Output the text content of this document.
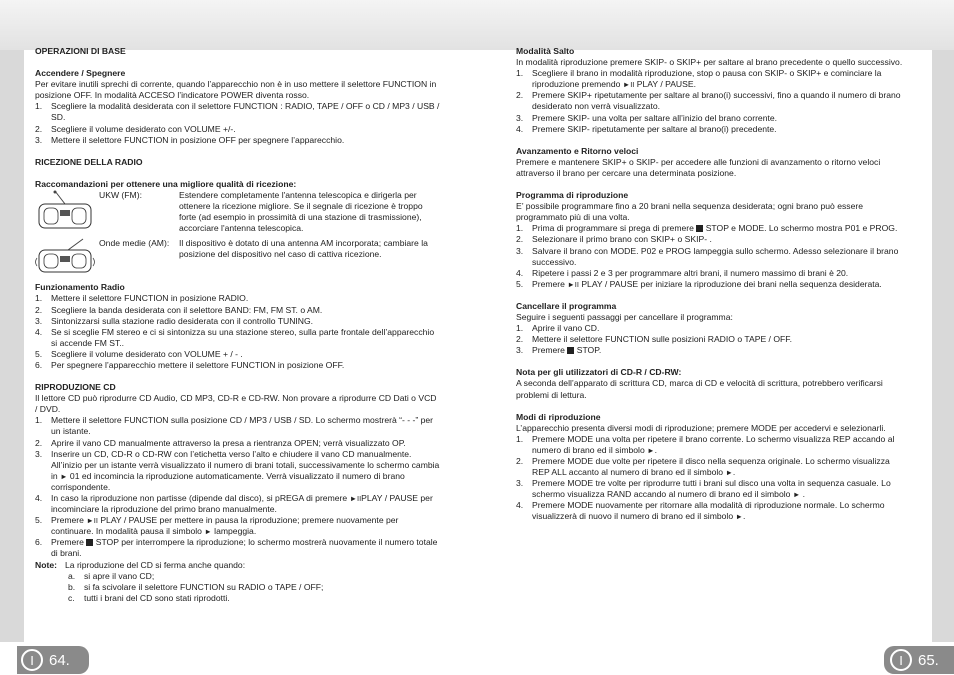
I	64.	I	65.
OPERAZIONI DI BASE
Accendere / Spegnere
Per evitare inutili sprechi di corrente, quando l’apparecchio non è in uso mettere il selettore FUNCTION in posizione OFF. In modalità ACCESO l’indicatore POWER diventa rosso.
1.	Scegliere la modalità desiderata con il selettore FUNCTION : RADIO, TAPE / OFF o CD / MP3 / USB / SD.
2.	Scegliere il volume desiderato con VOLUME +/-.
3.	Mettere il selettore FUNCTION in posizione OFF per spegnere l’apparecchio.
RICEZIONE DELLA RADIO
Raccomandazioni per ottenere una migliore qualità di ricezione:
UKW (FM):	Estendere completamente l'antenna telescopica e dirigerla per ottenere la ricezione migliore. Se il segnale di ricezione è troppo forte (ad esempio in prossimità di una stazione di trasmissione), accorciare l'antenna telescopica.
Onde medie (AM):	Il dispositivo è dotato di una antenna AM incorporata; cambiare la posizione del dispositivo nel caso di cattiva ricezione.
Funzionamento Radio
1.	Mettere il selettore FUNCTION in posizione RADIO.
2.	Scegliere la banda desiderata con il selettore BAND: FM, FM ST. o AM.
3.	Sintonizzarsi sulla stazione radio desiderata con il controllo TUNING.
4.	Se si sceglie FM stereo e ci si sintonizza su una stazione stereo, sulla parte frontale dell’apparecchio si accende FM ST..
5.	Scegliere il volume desiderato con VOLUME + / - .
6.	Per spegnere l’apparecchio mettere il selettore FUNCTION in posizione OFF.
RIPRODUZIONE CD
Il lettore CD può riprodurre CD Audio, CD MP3, CD-R e CD-RW. Non provare a riprodurre CD Dati o VCD / DVD.
1.	Mettere il selettore FUNCTION sulla posizione CD / MP3 / USB / SD. Lo schermo mostrerà “- - -” per un istante.
2.	Aprire il vano CD manualmente attraverso la presa a rientranza OPEN; verrà visualizzato OP.
3.	Inserire un CD, CD-R o CD-RW con l’etichetta verso l’alto e chiudere il vano CD manualmente. All’inizio per un istante verrà visualizzato il numero di brani totali, successivamente lo schermo cambia in ► 01 ed incomincia la riproduzione automaticamente. Verrà visualizzato il numero di brano corrispondente.
4.	In caso la riproduzione non partisse (dipende dal disco), si pREGA di premere ►IIPLAY / PAUSE per incominciare la riproduzione del primo brano manualmente.
5.	Premere ►II PLAY / PAUSE per mettere in pausa la riproduzione; premere nuovamente per continuare. In modalità pausa il simbolo ► lampeggia.
6.	Premere STOP per interrompere la riproduzione; lo schermo mostrerà nuovamente il numero totale di brani.
Note: La riproduzione del CD si ferma anche quando:
a.	si apre il vano CD;
b.	si fa scivolare il selettore FUNCTION su RADIO o TAPE / OFF;
c.	tutti i brani del CD sono stati riprodotti.
Modalità Salto
In modalità riproduzione premere SKIP- o SKIP+ per saltare al brano precedente o quello successivo.
1.	Scegliere il brano in modalità riproduzione, stop o pausa con SKIP- o SKIP+ e cominciare la riproduzione premendo ►II PLAY / PAUSE.
2.	Premere SKIP+ ripetutamente per saltare al brano(i) successivi, fino a quando il numero di brano desiderato non verrà visualizzato.
3.	Premere SKIP- una volta per saltare all’inizio del brano corrente.
4.	Premere SKIP- ripetutamente per saltare al brano(i) precedente.
Avanzamento e Ritorno veloci
Premere e mantenere SKIP+ o SKIP- per accedere alle funzioni di avanzamento o ritorno veloci attraverso il brano per cercare una determinata posizione.
Programma di riproduzione
E’ possibile programmare fino a 20 brani nella sequenza desiderata; ogni brano può essere programmato più di una volta.
1.	Prima di programmare si prega di premere STOP e MODE. Lo schermo mostra P01 e PROG.
2.	Selezionare il primo brano con SKIP+ o SKIP- .
3.	Salvare il brano con MODE. P02 e PROG lampeggia sullo schermo. Adesso selezionare il brano successivo.
4.	Ripetere i passi 2 e 3 per programmare altri brani, il numero massimo di brani è 20.
5.	Premere ►II PLAY / PAUSE per iniziare la riproduzione dei brani nella sequenza desiderata.
Cancellare il programma
Seguire i seguenti passaggi per cancellare il programma:
1.	Aprire il vano CD.
2.	Mettere il selettore FUNCTION sulle posizioni RADIO o TAPE / OFF.
3.	Premere STOP.
Nota per gli utilizzatori di CD-R / CD-RW:
A seconda dell’apparato di scrittura CD, marca di CD e velocità di scrittura, potrebbero verificarsi problemi di lettura.
Modi di riproduzione
L’apparecchio presenta diversi modi di riproduzione; premere MODE per accedervi e selezionarli.
1.	Premere MODE una volta per ripetere il brano corrente. Lo schermo visualizza REP accando al numero di brano ed il simbolo ►.
2.	Premere MODE due volte per ripetere il disco nella sequenza originale. Lo schermo visualizza REP ALL accanto al numero di brano ed il simbolo ►.
3.	Premere MODE tre volte per riprodurre tutti i brani sul disco una volta in sequenza casuale. Lo schermo visualizza RAND accando al numero di brano ed il simbolo ► .
4.	Premere MODE nuovamente per ritornare alla modalità di riproduzione normale. Lo schermo visualizzerà di nuovo il numero di brano ed il simbolo ►.
